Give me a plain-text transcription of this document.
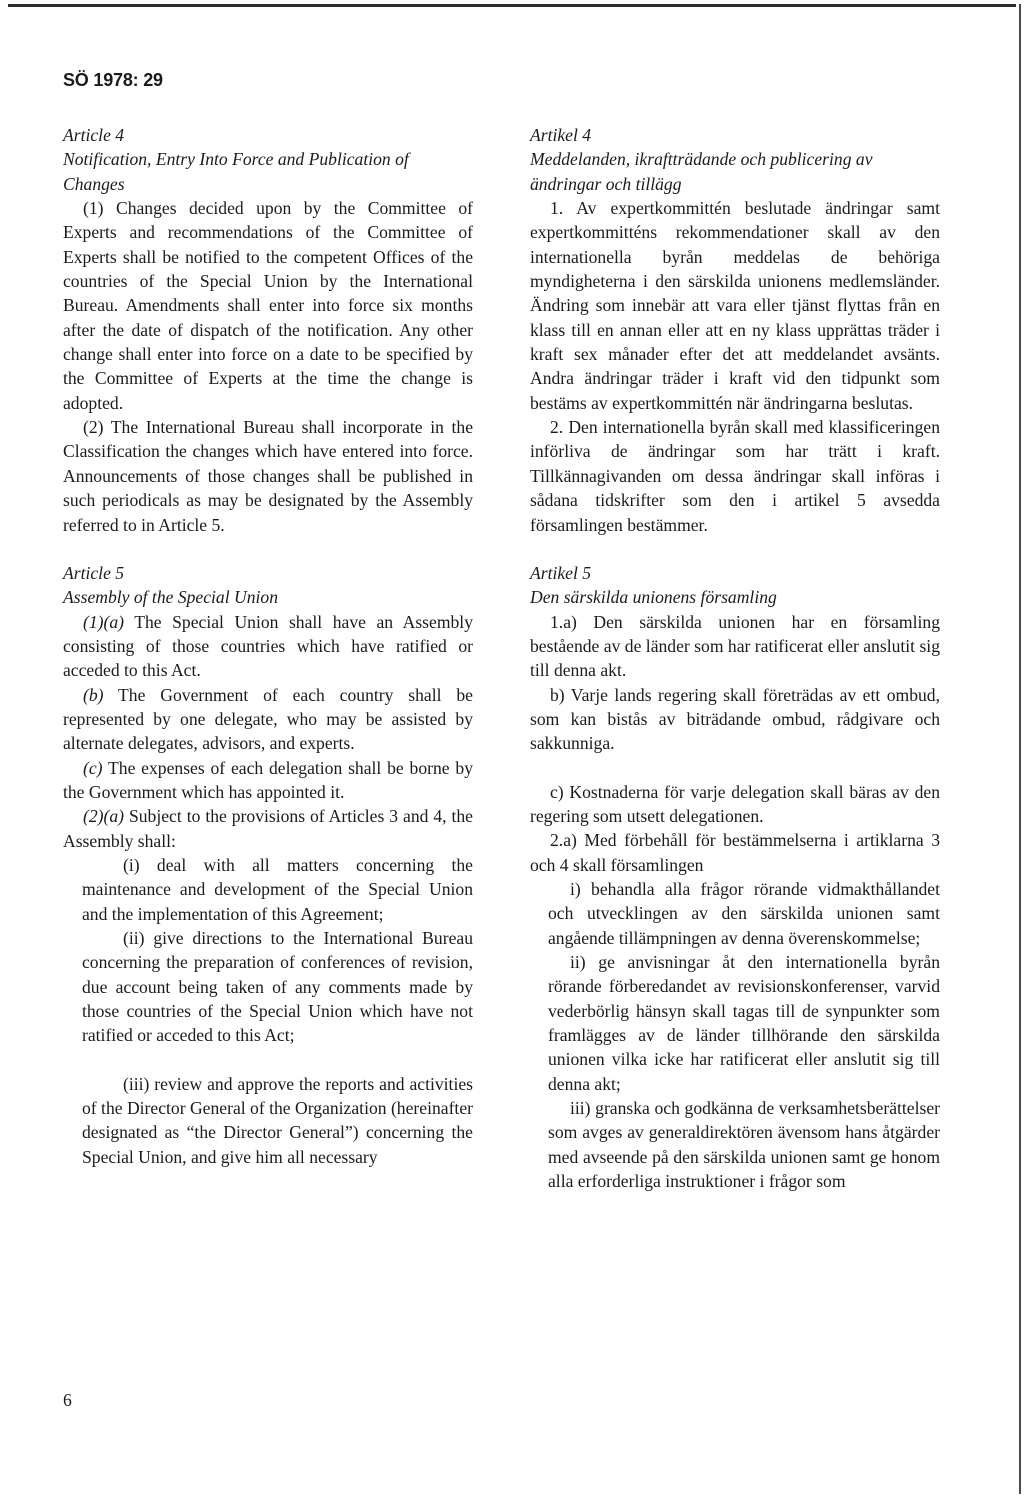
SÖ 1978: 29

Article 4

Notification, Entry Into Force and Publication of Changes

(1) Changes decided upon by the Committee of Experts and recommendations of the Committee of Experts shall be notified to the competent Offices of the countries of the Special Union by the International Bureau. Amendments shall enter into force six months after the date of dispatch of the notification. Any other change shall enter into force on a date to be specified by the Committee of Experts at the time the change is adopted.

(2) The International Bureau shall incorporate in the Classification the changes which have entered into force. Announcements of those changes shall be published in such periodicals as may be designated by the Assembly referred to in Article 5.

Article 5

Assembly of the Special Union

(1)(a) The Special Union shall have an Assembly consisting of those countries which have ratified or acceded to this Act.

(b) The Government of each country shall be represented by one delegate, who may be assisted by alternate delegates, advisors, and experts.

(c) The expenses of each delegation shall be borne by the Government which has appointed it.

(2)(a) Subject to the provisions of Articles 3 and 4, the Assembly shall:

(i) deal with all matters concerning the maintenance and development of the Special Union and the implementation of this Agreement;

(ii) give directions to the International Bureau concerning the preparation of conferences of revision, due account being taken of any comments made by those countries of the Special Union which have not ratified or acceded to this Act;

(iii) review and approve the reports and activities of the Director General of the Organization (hereinafter designated as “the Director General”) concerning the Special Union, and give him all necessary

Artikel 4

Meddelanden, ikraftträdande och publicering av ändringar och tillägg

1. Av expertkommittén beslutade ändringar samt expertkommitténs rekommendationer skall av den internationella byrån meddelas de behöriga myndigheterna i den särskilda unionens medlemsländer. Ändring som innebär att vara eller tjänst flyttas från en klass till en annan eller att en ny klass upprättas träder i kraft sex månader efter det att meddelandet avsänts. Andra ändringar träder i kraft vid den tidpunkt som bestäms av expertkommittén när ändringarna beslutas.

2. Den internationella byrån skall med klassificeringen införliva de ändringar som har trätt i kraft. Tillkännagivanden om dessa ändringar skall införas i sådana tidskrifter som den i artikel 5 avsedda församlingen bestämmer.

Artikel 5

Den särskilda unionens församling

1.a) Den särskilda unionen har en församling bestående av de länder som har ratificerat eller anslutit sig till denna akt.

b) Varje lands regering skall företrädas av ett ombud, som kan bistås av biträdande ombud, rådgivare och sakkunniga.

c) Kostnaderna för varje delegation skall bäras av den regering som utsett delegationen.

2.a) Med förbehåll för bestämmelserna i artiklarna 3 och 4 skall församlingen

i) behandla alla frågor rörande vidmakthållandet och utvecklingen av den särskilda unionen samt angående tillämpningen av denna överenskommelse;

ii) ge anvisningar åt den internationella byrån rörande förberedandet av revisionskonferenser, varvid vederbörlig hänsyn skall tagas till de synpunkter som framlägges av de länder tillhörande den särskilda unionen vilka icke har ratificerat eller anslutit sig till denna akt;

iii) granska och godkänna de verksamhetsberättelser som avges av generaldirektören ävensom hans åtgärder med avseende på den särskilda unionen samt ge honom alla erforderliga instruktioner i frågor som

6
